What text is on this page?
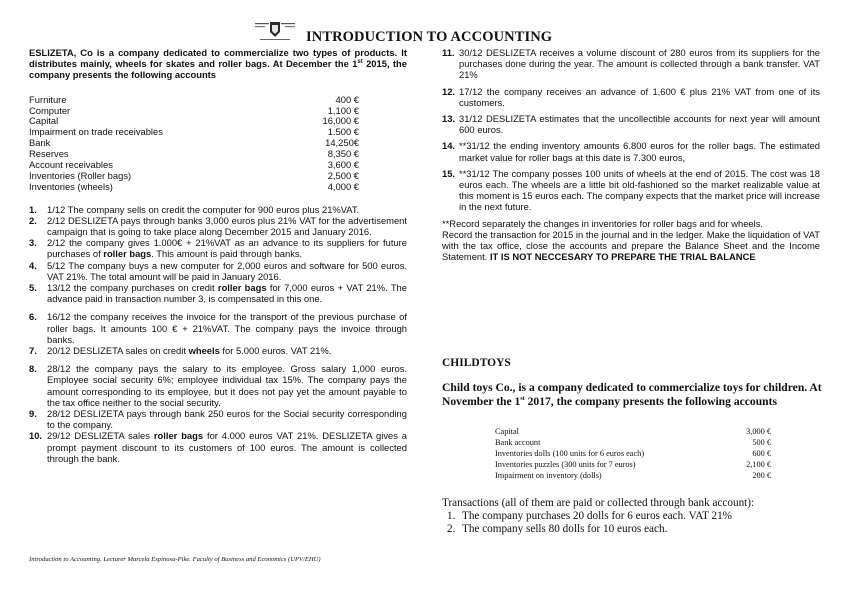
INTRODUCTION TO ACCOUNTING

ESLIZETA, Co is a company dedicated to commercialize two types of products. It distributes mainly, wheels for skates and roller bags. At December the 1st 2015, the company presents the following accounts

Furniture	400 €
Computer	1,100 €
Capital	16,000 €
Impairment on trade receivables	1.500 €
Bank	14,250€
Reserves	8,350 €
Account receivables	3,600 €
Inventories (Roller bags)	2,500 €
Inventories (wheels)	4,000 €
1. 1/12 The company sells on credit the computer for 900 euros plus 21%VAT.
2. 2/12 DESLIZETA pays through banks 3,000 euros plus 21% VAT for the advertisement campaign that is going to take place along December 2015 and January 2016.
3. 2/12 the company gives 1.000€ + 21%VAT as an advance to its suppliers for future purchases of roller bags. This amount is paid through banks.
4. 5/12 The company buys a new computer for 2,000 euros and software for 500 euros. VAT 21%. The total amount will be paid in January 2016.
5. 13/12 the company purchases on credit roller bags for 7,000 euros + VAT 21%. The advance paid in transaction number 3, is compensated in this one.
6. 16/12 the company receives the invoice for the transport of the previous purchase of roller bags. It amounts 100 € + 21%VAT. The company pays the invoice through banks.
7. 20/12 DESLIZETA sales on credit wheels for 5.000 euros. VAT 21%.
8. 28/12 the company pays the salary to its employee. Gross salary 1,000 euros. Employee social security 6%; employee individual tax 15%. The company pays the amount corresponding to its employee, but it does not pay yet the amount payable to the tax office neither to the social security.
9. 28/12 DESLIZETA pays through bank 250 euros for the Social security corresponding to the company.
10. 29/12 DESLIZETA sales roller bags for 4.000 euros VAT 21%. DESLIZETA gives a prompt payment discount to its customers of 100 euros. The amount is collected through the bank.
11. 30/12 DESLIZETA receives a volume discount of 280 euros from its suppliers for the purchases done during the year. The amount is collected through a bank transfer. VAT 21%
12. 17/12 the company receives an advance of 1,600 € plus 21% VAT from one of its customers.
13. 31/12 DESLIZETA estimates that the uncollectible accounts for next year will amount 600 euros.
14. **31/12 the ending inventory amounts 6.800 euros for the roller bags. The estimated market value for roller bags at this date is 7.300 euros,
15. **31/12 The company posses 100 units of wheels at the end of 2015. The cost was 18 euros each. The wheels are a little bit old-fashioned so the market realizable value at this moment is 15 euros each. The company expects that the market price will increase in the next future.

**Record separately the changes in inventories for roller bags and for wheels.

Record the transaction for 2015 in the journal and in the ledger. Make the liquidation of VAT with the tax office, close the accounts and prepare the Balance Sheet and the Income Statement. IT IS NOT NECCESARY TO PREPARE THE TRIAL BALANCE

CHILDTOYS
Child toys Co., is a company dedicated to commercialize toys for children. At November the 1st 2017, the company presents the following accounts
Capital	3,000 €
Bank account	500 €
Inventories dolls (100 units for 6 euros each)	600 €
Inventories puzzles (300 units for 7 euros)	2,100 €
Impairment on inventory (dolls)	200 €
Transactions (all of them are paid or collected through bank account):
1. The company purchases 20 dolls for 6 euros each. VAT 21%
2. The company sells 80 dolls for 10 euros each.
Introduction to Accounting. Lecturer Marcela Espinosa-Pike. Faculty of Business and Economics (UPV/EHU)
